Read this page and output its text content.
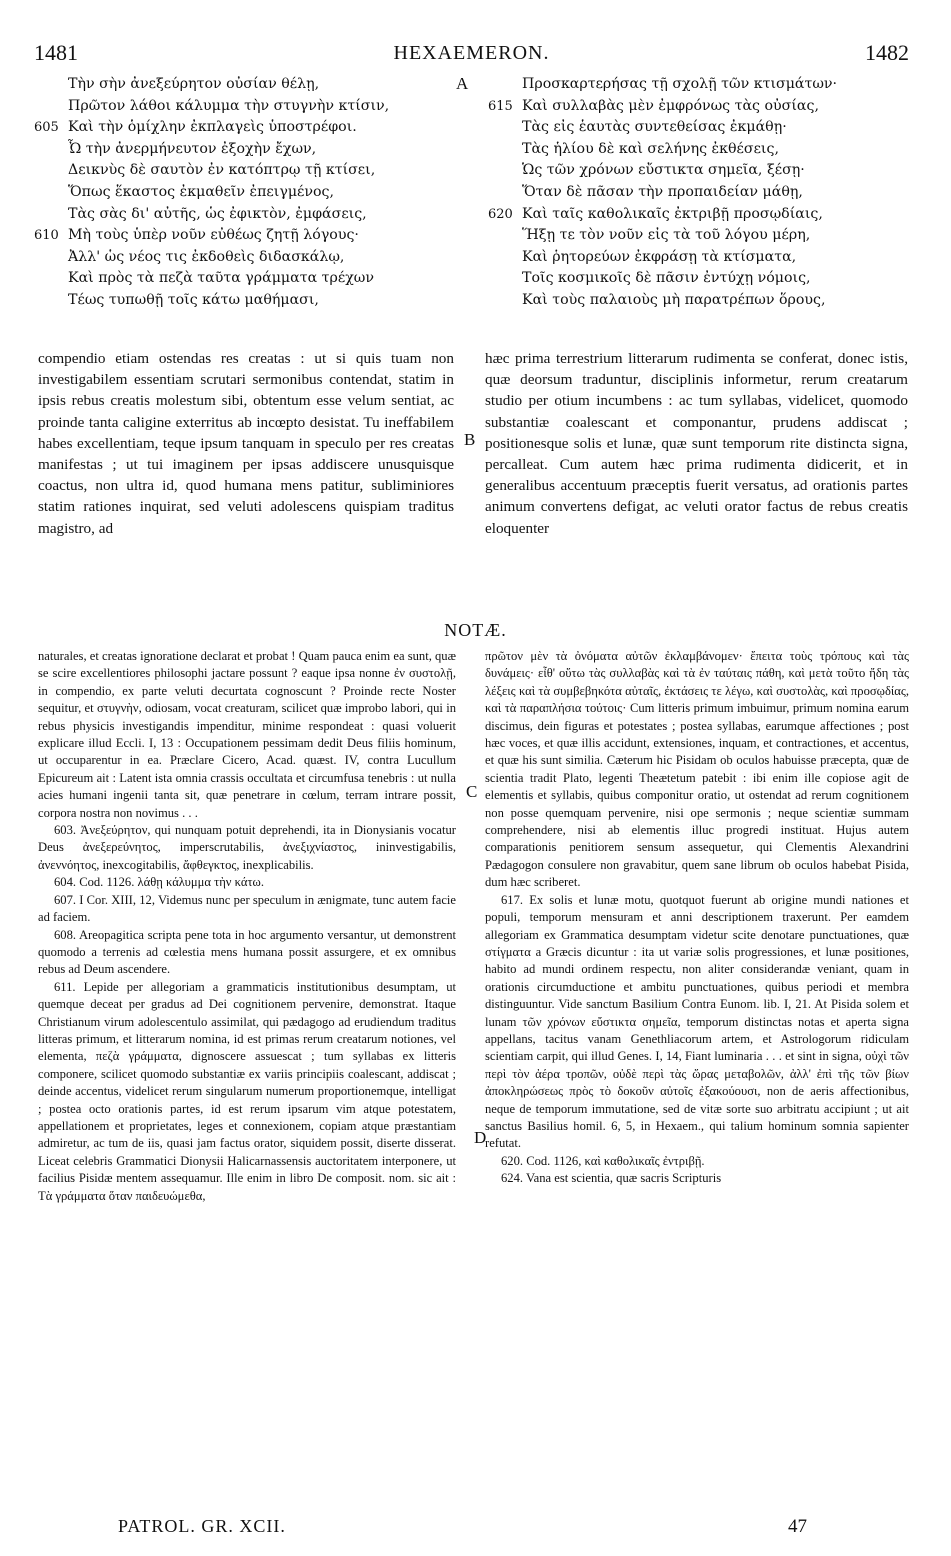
1481	HEXAEMERON.	1482
A
B
C
D
Τὴν σὴν ἀνεξεύρητον οὐσίαν θέλῃ,
Πρῶτον λάθοι κάλυμμα τὴν στυγνὴν κτίσιν,
605 Καὶ τὴν ὁμίχλην ἐκπλαγεὶς ὑποστρέφοι.
Ὦ τὴν ἀνερμήνευτον ἐξοχὴν ἔχων,
Δεικνὺς δὲ σαυτὸν ἐν κατόπτρῳ τῇ κτίσει,
Ὅπως ἕκαστος ἐκμαθεῖν ἐπειγμένος,
Τὰς σὰς δι' αὐτῆς, ὡς ἐφικτὸν, ἐμφάσεις,
610 Μὴ τοὺς ὑπὲρ νοῦν εὐθέως ζητῇ λόγους·
Ἀλλ' ὡς νέος τις ἐκδοθεὶς διδασκάλῳ,
Καὶ πρὸς τὰ πεζὰ ταῦτα γράμματα τρέχων
Τέως τυπωθῇ τοῖς κάτω μαθήμασι,
Προσκαρτερήσας τῇ σχολῇ τῶν κτισμάτων·
615 Καὶ συλλαβὰς μὲν ἐμφρόνως τὰς οὐσίας,
Τὰς εἰς ἑαυτὰς συντεθείσας ἐκμάθῃ·
Τὰς ἡλίου δὲ καὶ σελήνης ἐκθέσεις,
Ὡς τῶν χρόνων εὔστικτα σημεῖα, ξέσῃ·
Ὅταν δὲ πᾶσαν τὴν προπαιδείαν μάθῃ,
620 Καὶ ταῖς καθολικαῖς ἐκτριβῇ προσῳδίαις,
Ἥξῃ τε τὸν νοῦν εἰς τὰ τοῦ λόγου μέρη,
Καὶ ῥητορεύων ἐκφράσῃ τὰ κτίσματα,
Τοῖς κοσμικοῖς δὲ πᾶσιν ἐντύχῃ νόμοις,
Καὶ τοὺς παλαιοὺς μὴ παρατρέπων ὅρους,
compendio etiam ostendas res creatas : ut si quis tuam non investigabilem essentiam scrutari sermonibus contendat, statim in ipsis rebus creatis molestum sibi, obtentum esse velum sentiat, ac proinde tanta caligine exterritus ab incœpto desistat. Tu ineffabilem habes excellentiam, teque ipsum tanquam in speculo per res creatas manifestas ; ut tui imaginem per ipsas addiscere unusquisque coactus, non ultra id, quod humana mens patitur, subliminiores statim rationes inquirat, sed veluti adolescens quispiam traditus magistro, ad
hæc prima terrestrium litterarum rudimenta se conferat, donec istis, quæ deorsum traduntur, disciplinis informetur, rerum creatarum studio per otium incumbens : ac tum syllabas, videlicet, quomodo substantiæ coalescant et componantur, prudens addiscat ; positionesque solis et lunæ, quæ sunt temporum rite distincta signa, percalleat. Cum autem hæc prima rudimenta didicerit, et in generalibus accentuum præceptis fuerit versatus, ad orationis partes animum convertens defigat, ac veluti orator factus de rebus creatis eloquenter
NOTÆ.

naturales, et creatas ignoratione declarat et probat ! Quam pauca enim ea sunt, quæ se scire excellentiores philosophi jactare possunt ? eaque ipsa nonne ἐν συστολῇ, in compendio, ex parte veluti decurtata cognoscunt ? Proinde recte Noster sequitur, et στυγνὴν, odiosam, vocat creaturam, scilicet quæ improbo labori, qui in rebus physicis investigandis impenditur, minime respondeat : quasi voluerit explicare illud Eccli. I, 13 : Occupationem pessimam dedit Deus filiis hominum, ut occuparentur in ea. Præclare Cicero, Acad. quæst. IV, contra Lucullum Epicureum ait : Latent ista omnia crassis occultata et circumfusa tenebris : ut nulla acies humani ingenii tanta sit, quæ penetrare in cœlum, terram intrare possit, corpora nostra non novimus . . .

603. Ἀνεξεύρητον, qui nunquam potuit deprehendi, ita in Dionysianis vocatur Deus ἀνεξερεύνητος, imperscrutabilis, ἀνεξιχνίαστος, ininvestigabilis, ἀνεννόητος, inexcogitabilis, ἄφθεγκτος, inexplicabilis.

604. Cod. 1126. λάθῃ κάλυμμα τὴν κάτω.

607. I Cor. XIII, 12, Videmus nunc per speculum in ænigmate, tunc autem facie ad faciem.

608. Areopagitica scripta pene tota in hoc argumento versantur, ut demonstrent quomodo a terrenis ad cœlestia mens humana possit assurgere, et ex omnibus rebus ad Deum ascendere.

611. Lepide per allegoriam a grammaticis institutionibus desumptam, ut quemque deceat per gradus ad Dei cognitionem pervenire, demonstrat. Itaque Christianum virum adolescentulo assimilat, qui pædagogo ad erudiendum traditus litteras primum, et litterarum nomina, id est primas rerum creatarum notiones, vel elementa, πεζὰ γράμματα, dignoscere assuescat ; tum syllabas ex litteris componere, scilicet quomodo substantiæ ex variis principiis coalescant, addiscat ; deinde accentus, videlicet rerum singularum numerum proportionemque, intelligat ; postea octo orationis partes, id est rerum ipsarum vim atque potestatem, appellationem et proprietates, leges et connexionem, copiam atque præstantiam admiretur, ac tum de iis, quasi jam factus orator, siquidem possit, diserte disserat. Liceat celebris Grammatici Dionysii Halicarnassensis auctoritatem interponere, ut facilius Pisidæ mentem assequamur. Ille enim in libro De composit. nom. sic ait : Τὰ γράμματα ὅταν παιδευώμεθα,

πρῶτον μὲν τὰ ὀνόματα αὐτῶν ἐκλαμβάνομεν· ἔπειτα τοὺς τρόπους καὶ τὰς δυνάμεις· εἶθ' οὕτω τὰς συλλαβὰς καὶ τὰ ἐν ταύταις πάθη, καὶ μετὰ τοῦτο ἤδη τὰς λέξεις καὶ τὰ συμβεβηκότα αὐταῖς, ἐκτάσεις τε λέγω, καὶ συστολὰς, καὶ προσῳδίας, καὶ τὰ παραπλήσια τούτοις· Cum litteris primum imbuimur, primum nomina earum discimus, dein figuras et potestates ; postea syllabas, earumque affectiones ; post hæc voces, et quæ illis accidunt, extensiones, inquam, et contractiones, et accentus, et quæ his sunt similia. Cæterum hic Pisidam ob oculos habuisse præcepta, quæ de scientia tradit Plato, legenti Theætetum patebit : ibi enim ille copiose agit de elementis et syllabis, quibus componitur oratio, ut ostendat ad rerum cognitionem non posse quemquam pervenire, nisi ope sermonis ; neque scientiæ summam comprehendere, nisi ab elementis illuc progredi instituat. Hujus autem comparationis penitiorem sensum assequetur, qui Clementis Alexandrini Pædagogon consulere non gravabitur, quem sane librum ob oculos habebat Pisida, dum hæc scriberet.

617. Ex solis et lunæ motu, quotquot fuerunt ab origine mundi nationes et populi, temporum mensuram et anni descriptionem traxerunt. Per eamdem allegoriam ex Grammatica desumptam videtur scite denotare punctuationes, quæ στίγματα a Græcis dicuntur : ita ut variæ solis progressiones, et lunæ positiones, habito ad mundi ordinem respectu, non aliter considerandæ veniant, quam in orationis circumductione et ambitu punctuationes, quibus periodi et membra distinguuntur. Vide sanctum Basilium Contra Eunom. lib. I, 21. At Pisida solem et lunam τῶν χρόνων εὔστικτα σημεῖα, temporum distinctas notas et aperta signa appellans, tacitus vanam Genethliacorum artem, et Astrologorum ridiculam scientiam carpit, qui illud Genes. I, 14, Fiant luminaria . . . et sint in signa, οὐχὶ τῶν περὶ τὸν ἀέρα τροπῶν, οὐδὲ περὶ τὰς ὥρας μεταβολῶν, ἀλλ' ἐπὶ τῆς τῶν βίων ἀποκληρώσεως πρὸς τὸ δοκοῦν αὐτοῖς ἐξακούουσι, non de aeris affectionibus, neque de temporum immutatione, sed de vitæ sorte suo arbitratu accipiunt ; ut ait sanctus Basilius homil. 6, 5, in Hexaem., qui talium hominum somnia sapienter refutat.

620. Cod. 1126, καὶ καθολικαῖς ἐντριβῇ.

624. Vana est scientia, quæ sacris Scripturis

PATROL. GR. XCII.	47
